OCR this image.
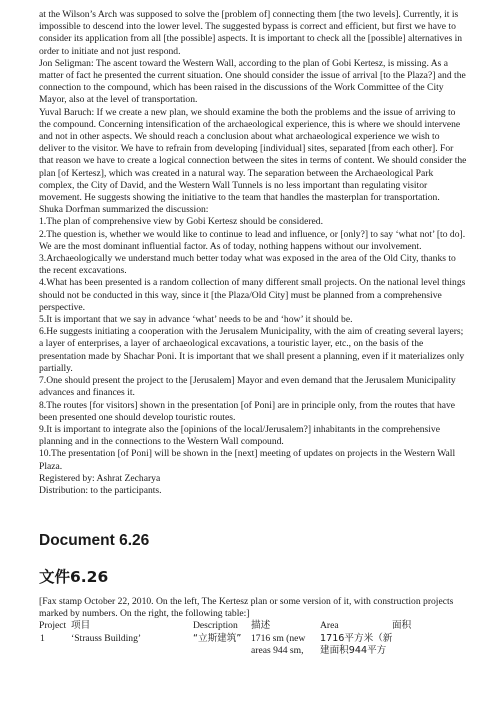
at the Wilson’s Arch was supposed to solve the [problem of] connecting them [the two levels]. Currently, it is impossible to descend into the lower level. The suggested bypass is correct and efficient, but first we have to consider its application from all [the possible] aspects. It is important to check all the [possible] alternatives in order to initiate and not just respond.

Jon Seligman: The ascent toward the Western Wall, according to the plan of Gobi Kertesz, is missing. As a matter of fact he presented the current situation. One should consider the issue of arrival [to the Plaza?] and the connection to the compound, which has been raised in the discussions of the Work Committee of the City Mayor, also at the level of transportation.

Yuval Baruch: If we create a new plan, we should examine the both the problems and the issue of arriving to the compound. Concerning intensification of the archaeological experience, this is where we should intervene and not in other aspects. We should reach a conclusion about what archaeological experience we wish to deliver to the visitor. We have to refrain from developing [individual] sites, separated [from each other]. For that reason we have to create a logical connection between the sites in terms of content. We should consider the plan [of Kertesz], which was created in a natural way. The separation between the Archaeological Park complex, the City of David, and the Western Wall Tunnels is no less important than regulating visitor movement. He suggests showing the initiative to the team that handles the masterplan for transportation.

Shuka Dorfman summarized the discussion:

1.The plan of comprehensive view by Gobi Kertesz should be considered.

2.The question is, whether we would like to continue to lead and influence, or [only?] to say ‘what not’ [to do]. We are the most dominant influential factor. As of today, nothing happens without our involvement.

3.Archaeologically we understand much better today what was exposed in the area of the Old City, thanks to the recent excavations.

4.What has been presented is a random collection of many different small projects. On the national level things should not be conducted in this way, since it [the Plaza/Old City] must be planned from a comprehensive perspective.

5.It is important that we say in advance ‘what’ needs to be and ‘how’ it should be.

6.He suggests initiating a cooperation with the Jerusalem Municipality, with the aim of creating several layers; a layer of enterprises, a layer of archaeological excavations, a touristic layer, etc., on the basis of the presentation made by Shachar Poni. It is important that we shall present a planning, even if it materializes only partially.

7.One should present the project to the [Jerusalem] Mayor and even demand that the Jerusalem Municipality advances and finances it.

8.The routes [for visitors] shown in the presentation [of Poni] are in principle only, from the routes that have been presented one should develop touristic routes.

9.It is important to integrate also the [opinions of the local/Jerusalem?] inhabitants in the comprehensive planning and in the connections to the Western Wall compound.

10.The presentation [of Poni] will be shown in the [next] meeting of updates on projects in the Western Wall Plaza.

Registered by: Ashrat Zecharya

Distribution: to the participants.

Document 6.26
文件6.26

[Fax stamp October 22, 2010. On the left, The Kertesz plan or some version of it, with construction projects marked by numbers. On the right, the following table:]

Project 项目	Description 描述	Area	面积
1	‘Strauss Building’	“立斯建筑” 1716 sm (new areas 944 sm,
1716平方米（新建面积944平方
